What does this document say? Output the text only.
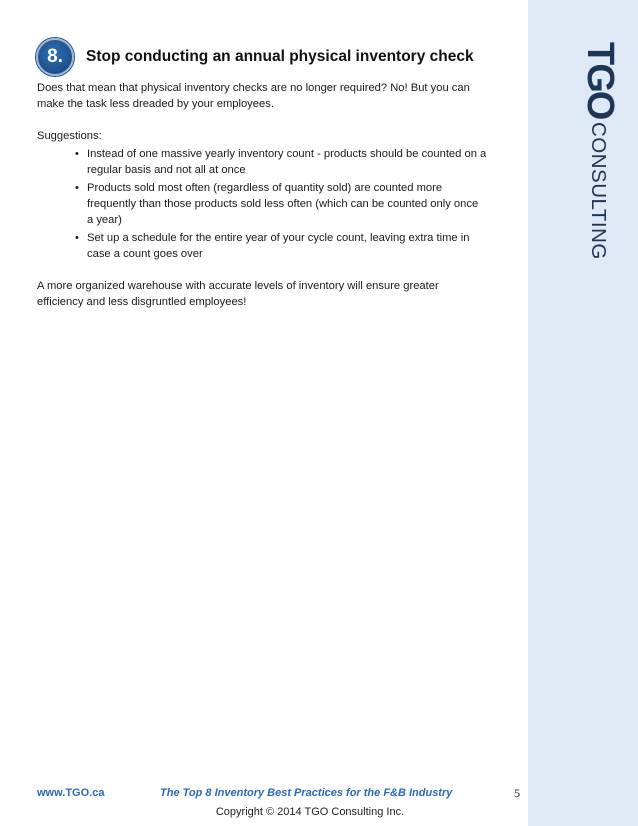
TGO
CONSULTING
8.	Stop conducting an annual physical inventory check

Does that mean that physical inventory checks are no longer required? No! But you can make the task less dreaded by your employees.

Suggestions:

• Instead of one massive yearly inventory count - products should be counted on a regular basis and not all at once
• Products sold most often (regardless of quantity sold) are counted more frequently than those products sold less often (which can be counted only once a year)
• Set up a schedule for the entire year of your cycle count, leaving extra time in case a count goes over

A more organized warehouse with accurate levels of inventory will ensure greater efficiency and less disgruntled employees!

www.TGO.ca	The Top 8 Inventory Best Practices for the F&B Industry	5
Copyright © 2014 TGO Consulting Inc.
